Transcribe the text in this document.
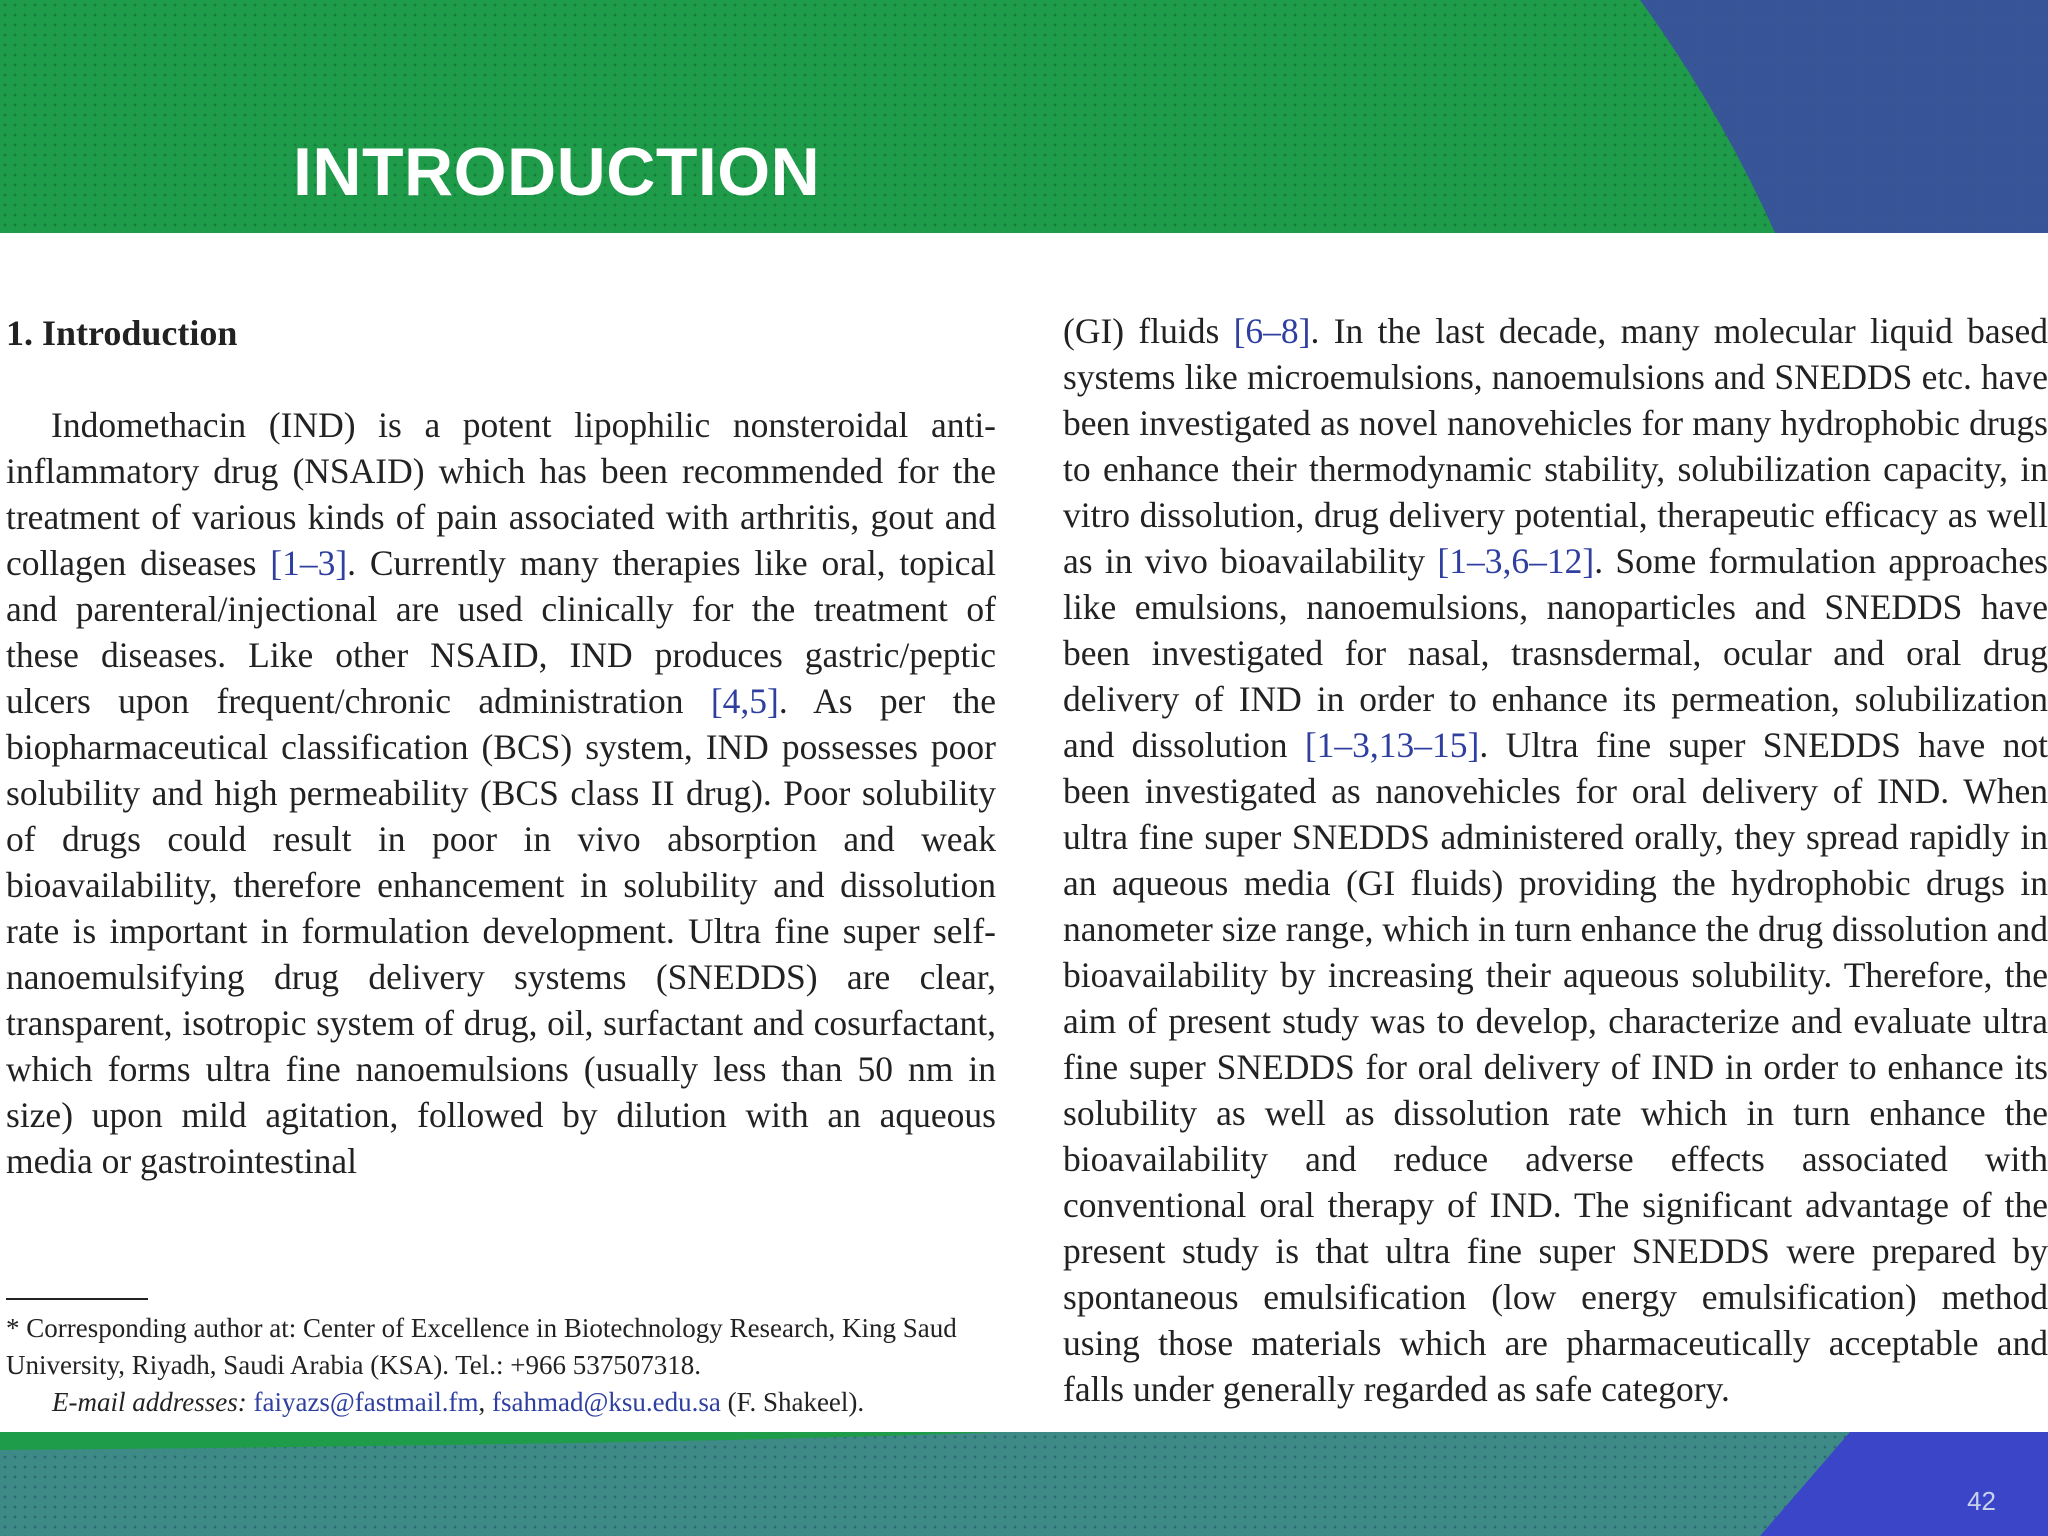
INTRODUCTION
1. Introduction

Indomethacin (IND) is a potent lipophilic nonsteroidal anti-inflammatory drug (NSAID) which has been recommended for the treatment of various kinds of pain associated with arthritis, gout and collagen diseases [1–3]. Currently many therapies like oral, topical and parenteral/injectional are used clinically for the treatment of these diseases. Like other NSAID, IND produces gastric/peptic ulcers upon frequent/chronic administration [4,5]. As per the biopharmaceutical classification (BCS) system, IND possesses poor solubility and high permeability (BCS class II drug). Poor solubility of drugs could result in poor in vivo absorption and weak bioavailability, therefore enhancement in solubility and dissolution rate is important in formulation development. Ultra fine super self-nanoemulsifying drug delivery systems (SNEDDS) are clear, transparent, isotropic system of drug, oil, surfactant and cosurfactant, which forms ultra fine nanoemulsions (usually less than 50 nm in size) upon mild agitation, followed by dilution with an aqueous media or gastrointestinal

(GI) fluids [6–8]. In the last decade, many molecular liquid based systems like microemulsions, nanoemulsions and SNEDDS etc. have been investigated as novel nanovehicles for many hydrophobic drugs to enhance their thermodynamic stability, solubilization capacity, in vitro dissolution, drug delivery potential, therapeutic efficacy as well as in vivo bioavailability [1–3,6–12]. Some formulation approaches like emulsions, nanoemulsions, nanoparticles and SNEDDS have been investigated for nasal, trasnsdermal, ocular and oral drug delivery of IND in order to enhance its permeation, solubilization and dissolution [1–3,13–15]. Ultra fine super SNEDDS have not been investigated as nanovehicles for oral delivery of IND. When ultra fine super SNEDDS administered orally, they spread rapidly in an aqueous media (GI fluids) providing the hydrophobic drugs in nanometer size range, which in turn enhance the drug dissolution and bioavailability by increasing their aqueous solubility. Therefore, the aim of present study was to develop, characterize and evaluate ultra fine super SNEDDS for oral delivery of IND in order to enhance its solubility as well as dissolution rate which in turn enhance the bioavailability and reduce adverse effects associated with conventional oral therapy of IND. The significant advantage of the present study is that ultra fine super SNEDDS were prepared by spontaneous emulsification (low energy emulsification) method using those materials which are pharmaceutically acceptable and falls under generally regarded as safe category.

* Corresponding author at: Center of Excellence in Biotechnology Research, King Saud

University, Riyadh, Saudi Arabia (KSA). Tel.: +966 537507318.

E-mail addresses: faiyazs@fastmail.fm, fsahmad@ksu.edu.sa (F. Shakeel).

42
